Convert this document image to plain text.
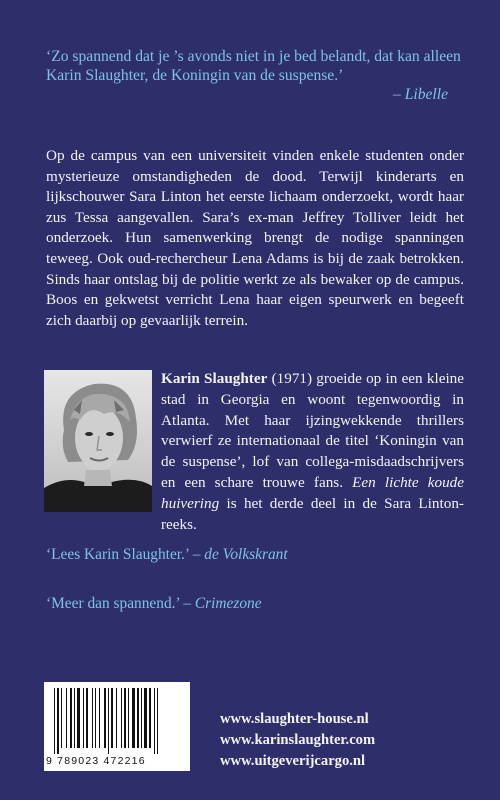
‘Zo spannend dat je ’s avonds niet in je bed belandt, dat kan alleen Karin Slaughter, de Koningin van de suspense.’
– Libelle
Op de campus van een universiteit vinden enkele studenten onder mysterieuze omstandigheden de dood. Terwijl kinderarts en lijkschouwer Sara Linton het eerste lichaam onderzoekt, wordt haar zus Tessa aangevallen. Sara’s ex-man Jeffrey Tolliver leidt het onderzoek. Hun samenwerking brengt de nodige spanningen teweeg. Ook oud-rechercheur Lena Adams is bij de zaak betrokken. Sinds haar ontslag bij de politie werkt ze als bewaker op de campus. Boos en gekwetst verricht Lena haar eigen speurwerk en begeeft zich daarbij op gevaarlijk terrein.
Karin Slaughter (1971) groeide op in een kleine stad in Georgia en woont tegenwoordig in Atlanta. Met haar ijzingwekkende thrillers verwierf ze internationaal de titel ‘Koningin van de suspense’, lof van collega-misdaadschrijvers en een schare trouwe fans. Een lichte koude huivering is het derde deel in de Sara Linton-reeks.
‘Lees Karin Slaughter.’ – de Volkskrant
‘Meer dan spannend.’ – Crimezone
9 789023 472216
www.slaughter-house.nl
www.karinslaughter.com
www.uitgeverijcargo.nl
